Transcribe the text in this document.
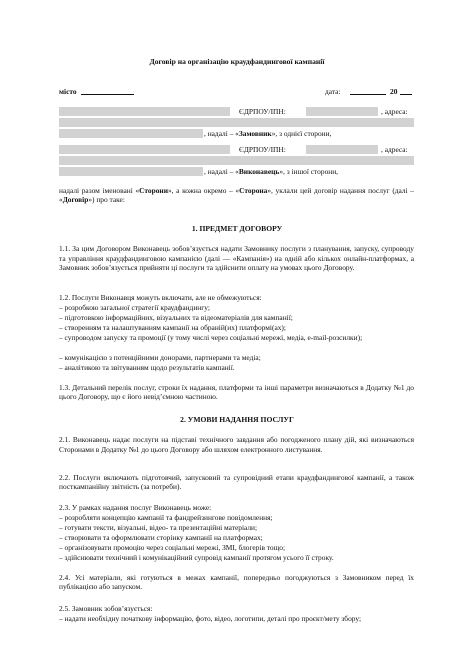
Договір на організацію краудфандингової кампанії
місто	дата:	20
ЄДРПОУ/ІПН:	, адреса:
, надалі – «Замовник», з однієї сторони,
ЄДРПОУ/ІПН:	, адреса:
, надалі – «Виконавець», з іншої сторони,
надалі разом іменовані «Сторони», а кожна окремо – «Сторона», уклали цей договір надання послуг (далі – «Договір») про таке:
1. ПРЕДМЕТ ДОГОВОРУ
1.1. За цим Договором Виконавець зобов’язується надати Замовнику послуги з планування, запуску, супроводу та управління краудфандинговою кампанією (далі — «Кампанія») на одній або кількох онлайн-платформах, а Замовник зобов’язується прийняти ці послуги та здійснити оплату на умовах цього Договору.
1.2. Послуги Виконавця можуть включати, але не обмежуються:
– розробкою загальної стратегії краудфандингу;
– підготовкою інформаційних, візуальних та відеоматеріалів для кампанії;
– створенням та налаштуванням кампанії на обраній(их) платформі(ах);
– супроводом запуску та промоції (у тому числі через соціальні мережі, медіа, e-mail-розсилки);
– комунікацією з потенційними донорами, партнерами та медіа;
– аналітикою та звітуванням щодо результатів кампанії.
1.3. Детальний перелік послуг, строки їх надання, платформи та інші параметри визначаються в Додатку №1 до цього Договору, що є його невід’ємною частиною.
2. УМОВИ НАДАННЯ ПОСЛУГ
2.1. Виконавець надає послуги на підставі технічного завдання або погодженого плану дій, які визначаються Сторонами в Додатку №1 до цього Договору або шляхом електронного листування.
2.2. Послуги включають підготовчий, запусковий та супровідний етапи краудфандингової кампанії, а також посткампанійну звітність (за потреби).
2.3. У рамках надання послуг Виконавець може:
– розробляти концепцію кампанії та фандрейзингове повідомлення;
– готувати тексти, візуальні, відео- та презентаційні матеріали;
– створювати та оформлювати сторінку кампанії на платформах;
– організовувати промоцію через соціальні мережі, ЗМІ, блогерів тощо;
– здійснювати технічний і комунікаційний супровід кампанії протягом усього її строку.
2.4. Усі матеріали, які готуються в межах кампанії, попередньо погоджуються з Замовником перед їх публікацією або запуском.
2.5. Замовник зобов’язується:
– надати необхідну початкову інформацію, фото, відео, логотипи, деталі про проєкт/мету збору;
